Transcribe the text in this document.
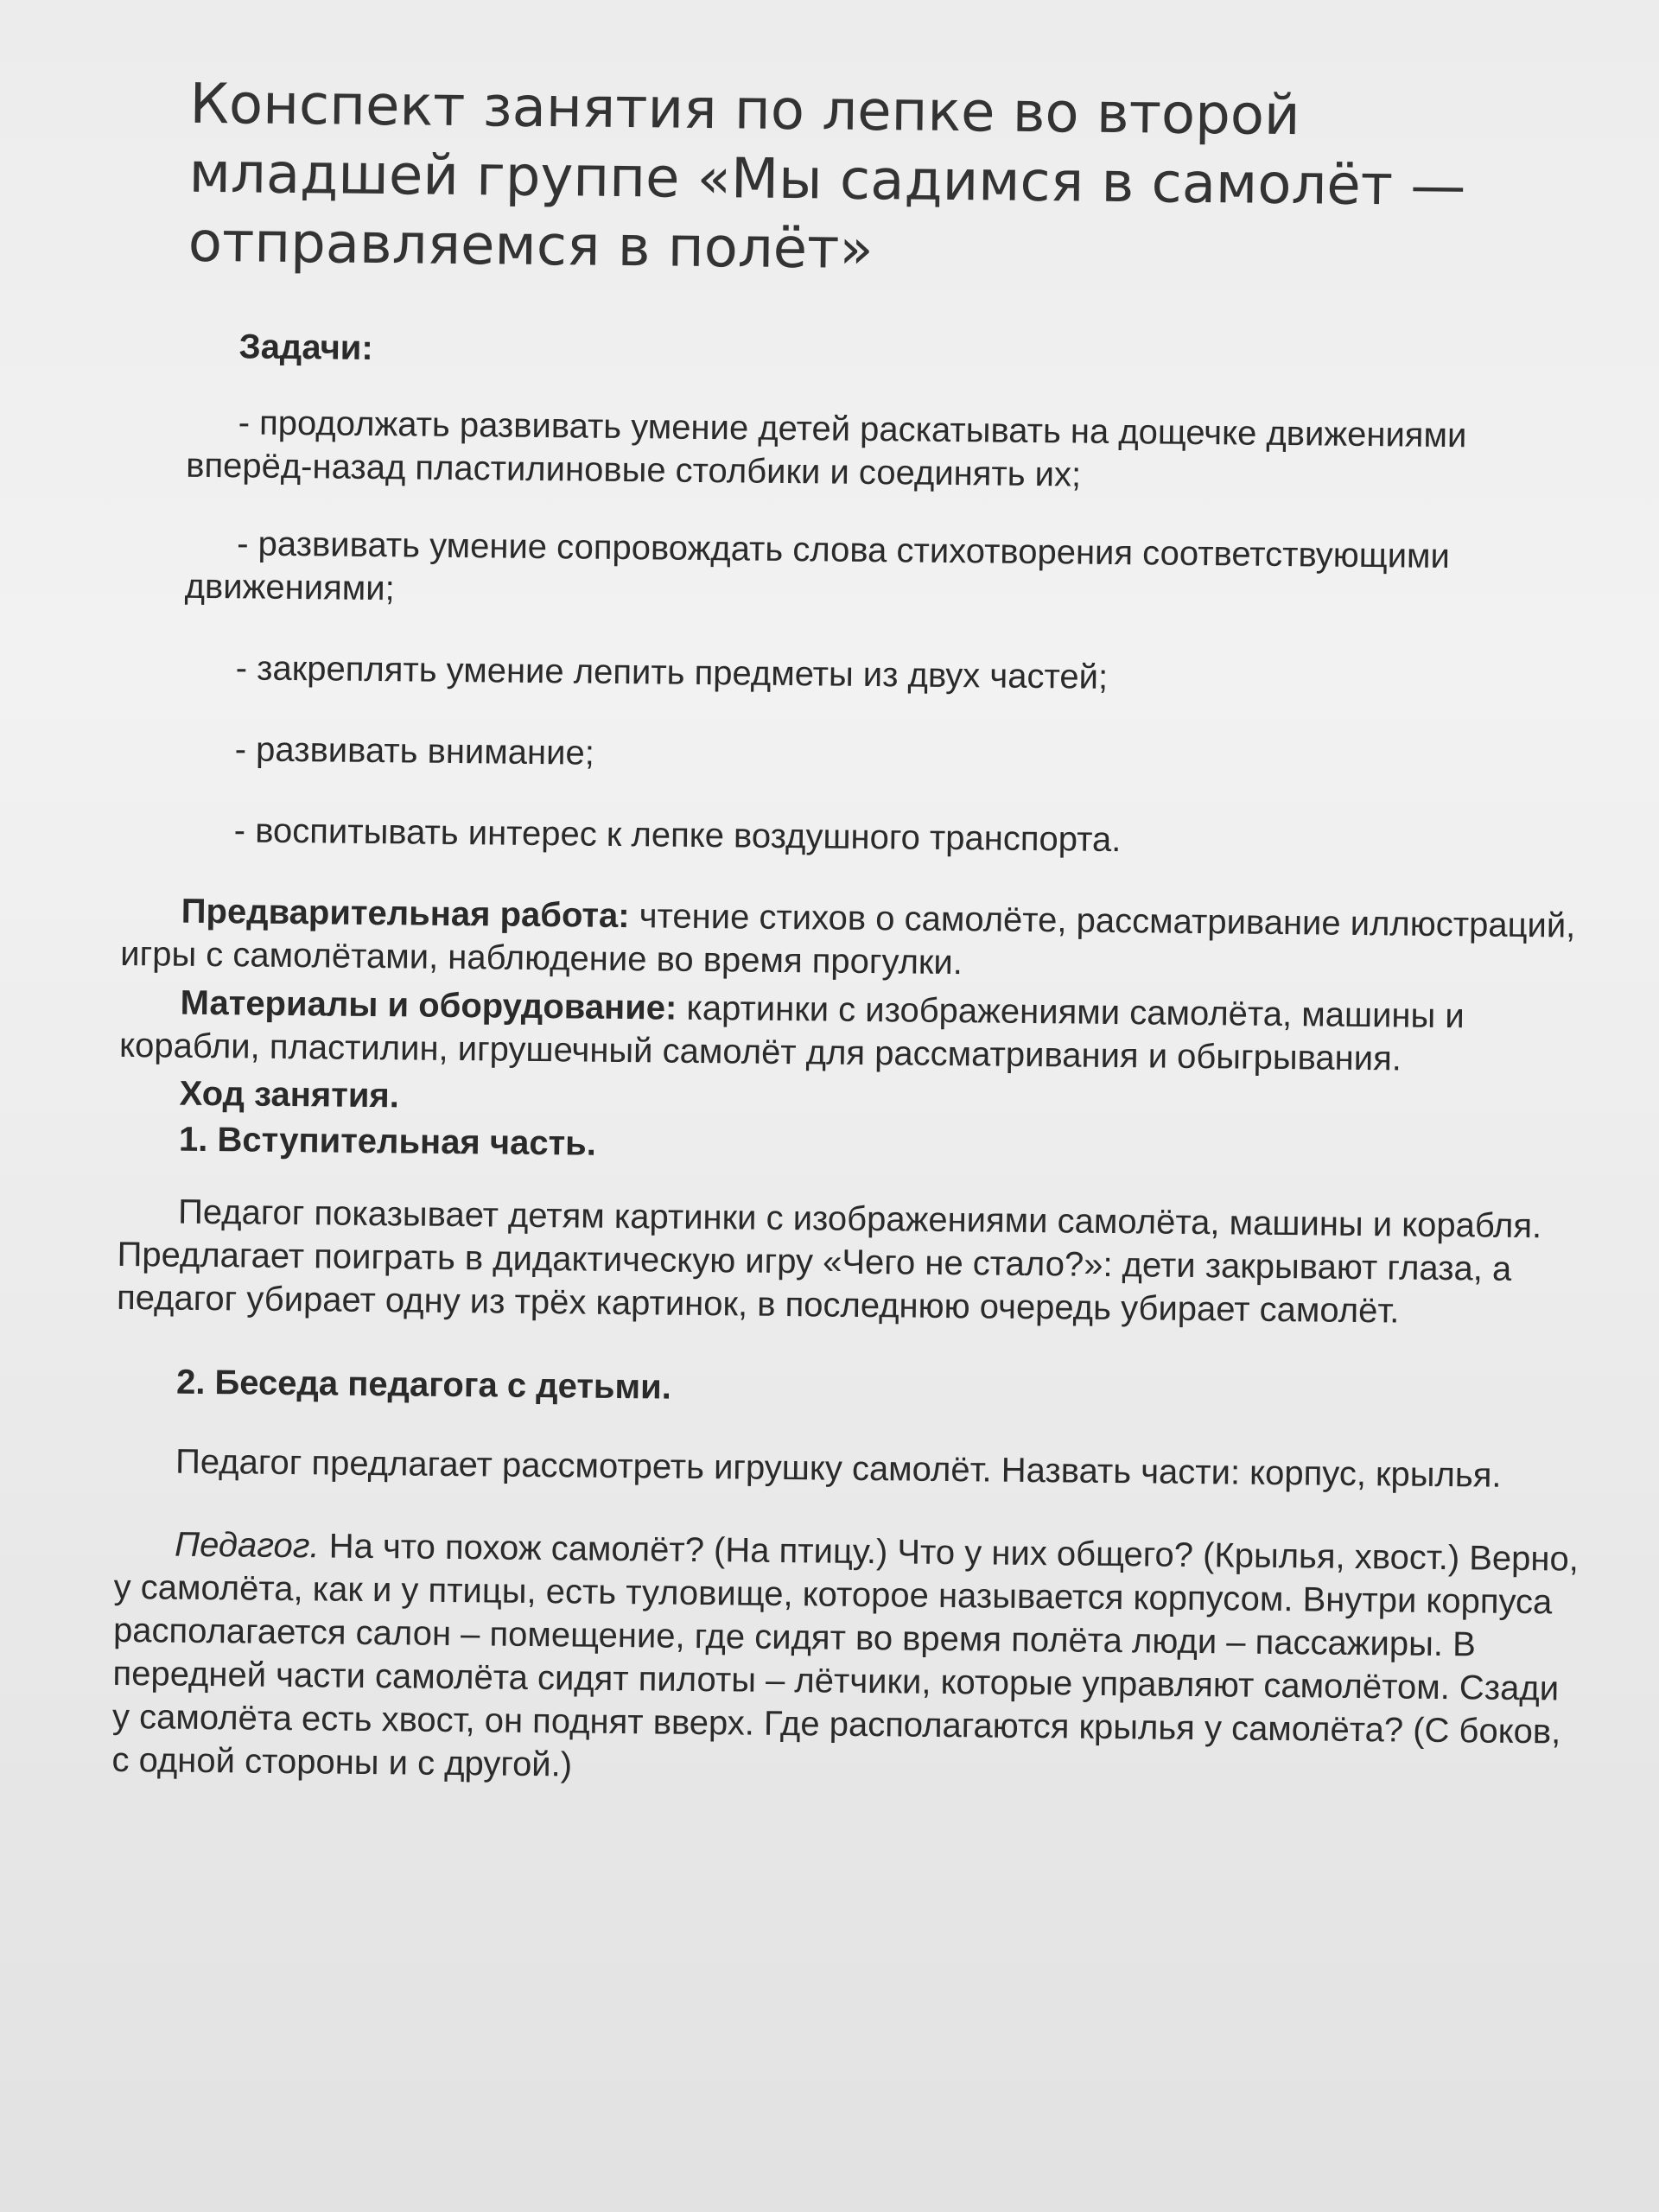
Конспект занятия по лепке во второй младшей группе «Мы садимся в самолёт — отправляемся в полёт»
Задачи:

- продолжать развивать умение детей раскатывать на дощечке движениями вперёд-назад пластилиновые столбики и соединять их;

- развивать умение сопровождать слова стихотворения соответствующими движениями;

- закреплять умение лепить предметы из двух частей;

- развивать внимание;

- воспитывать интерес к лепке воздушного транспорта.

Предварительная работа: чтение стихов о самолёте, рассматривание иллюстраций, игры с самолётами, наблюдение во время прогулки.

Материалы и оборудование: картинки с изображениями самолёта, машины и корабли, пластилин, игрушечный самолёт для рассматривания и обыгрывания.

Ход занятия.
1. Вступительная часть.

Педагог показывает детям картинки с изображениями самолёта, машины и корабля. Предлагает поиграть в дидактическую игру «Чего не стало?»: дети закрывают глаза, а педагог убирает одну из трёх картинок, в последнюю очередь убирает самолёт.

2. Беседа педагога с детьми.

Педагог предлагает рассмотреть игрушку самолёт. Назвать части: корпус, крылья.

Педагог. На что похож самолёт? (На птицу.) Что у них общего? (Крылья, хвост.) Верно, у самолёта, как и у птицы, есть туловище, которое называется корпусом. Внутри корпуса располагается салон – помещение, где сидят во время полёта люди – пассажиры. В передней части самолёта сидят пилоты – лётчики, которые управляют самолётом. Сзади у самолёта есть хвост, он поднят вверх. Где располагаются крылья у самолёта? (С боков, с одной стороны и с другой.)
